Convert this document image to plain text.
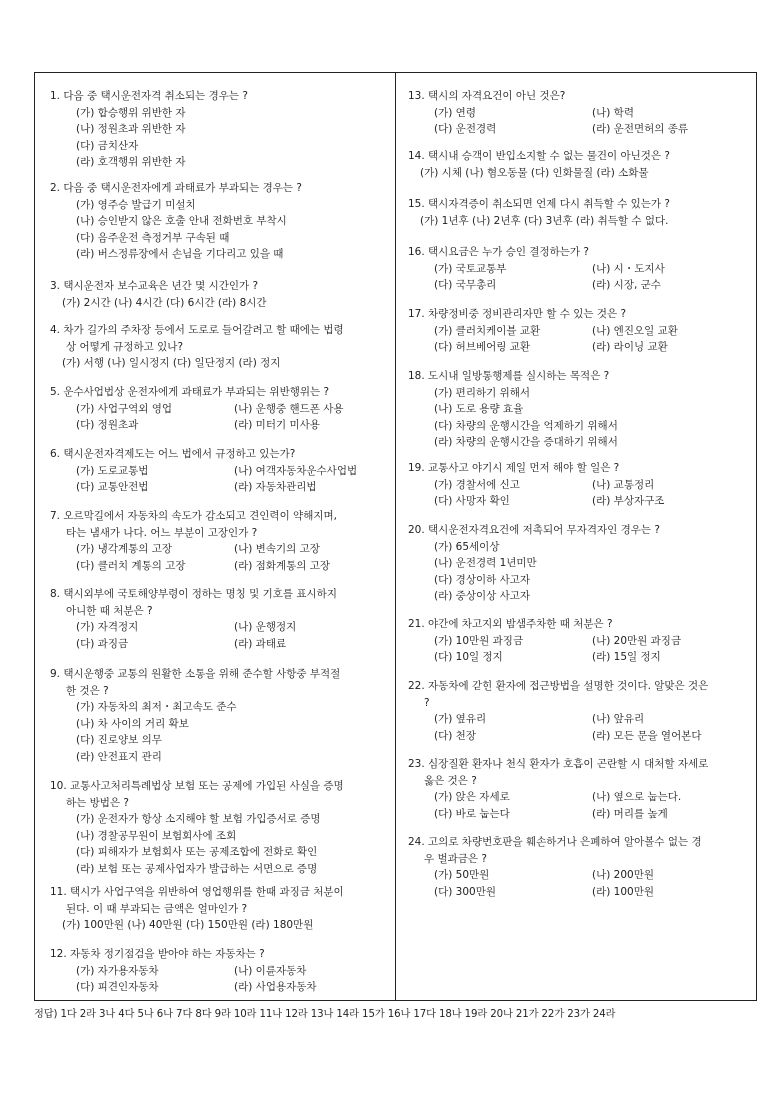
1. 다음 중 택시운전자격 취소되는 경우는 ?
(가) 합승행위 위반한 자
(나) 정원초과 위반한 자
(다) 금치산자
(라) 호객행위 위반한 자
2. 다음 중 택시운전자에게 과태료가 부과되는 경우는 ?
(가) 영주승 발급기 미설치
(나) 승인받지 않은 호출 안내 전화번호 부착시
(다) 음주운전 측정거부 구속된 때
(라) 버스정류장에서 손님을 기다리고 있을 때
3. 택시운전자 보수교육은 년간 몇 시간인가 ?
(가) 2시간 (나) 4시간 (다) 6시간 (라) 8시간
4. 차가 길가의 주차장 등에서 도로로 들어갈려고 할 때에는 법령
상 어떻게 규정하고 있나?
(가) 서행 (나) 일시정지 (다) 일단정지 (라) 정지
5. 운수사업법상 운전자에게 과태료가 부과되는 위반행위는 ?
(가) 사업구역외 영업	(나) 운행중 핸드폰 사용
(다) 정원초과	(라) 미터기 미사용
6. 택시운전자격제도는 어느 법에서 규정하고 있는가?
(가) 도로교통법	(나) 여객자동차운수사업법
(다) 교통안전법	(라) 자동차관리법
7. 오르막길에서 자동차의 속도가 감소되고 견인력이 약해지며,
타는 냄새가 나다. 어느 부분이 고장인가 ?
(가) 냉각계통의 고장	(나) 변속기의 고장
(다) 클러치 계통의 고장	(라) 점화계통의 고장
8. 택시외부에 국토해양부령이 정하는 명칭 및 기호를 표시하지
아니한 때 처분은 ?
(가) 자격정지	(나) 운행정지
(다) 과징금	(라) 과태료
9. 택시운행중 교통의 원활한 소통을 위해 준수할 사항중 부적절
한 것은 ?
(가) 자동차의 최저・최고속도 준수
(나) 차 사이의 거리 확보
(다) 진로양보 의무
(라) 안전표지 관리
10. 교통사고처리특례법상 보험 또는 공제에 가입된 사실을 증명
하는 방법은 ?
(가) 운전자가 항상 소지해야 할 보험 가입증서로 증명
(나) 경찰공무원이 보험회사에 조회
(다) 피해자가 보험회사 또는 공제조합에 전화로 확인
(라) 보험 또는 공제사업자가 발급하는 서면으로 증명
11. 택시가 사업구역을 위반하여 영업행위를 한때 과징금 처분이
된다. 이 때 부과되는 금액은 얼마인가 ?
(가) 100만원 (나) 40만원 (다) 150만원 (라) 180만원
12. 자동차 정기점검을 받아야 하는 자동차는 ?
(가) 자가용자동차	(나) 이륜자동차
(다) 피견인자동차	(라) 사업용자동차
13. 택시의 자격요건이 아닌 것은?
(가) 연령	(나) 학력
(다) 운전경력	(라) 운전면허의 종류
14. 택시내 승객이 반입소지할 수 없는 물건이 아닌것은 ?
(가) 시체 (나) 혐오동물 (다) 인화물질 (라) 소화물
15. 택시자격증이 취소되면 언제 다시 취득할 수 있는가 ?
(가) 1년후 (나) 2년후 (다) 3년후 (라) 취득할 수 없다.
16. 택시요금은 누가 승인 결정하는가 ?
(가) 국토교통부	(나) 시・도지사
(다) 국무총리	(라) 시장, 군수
17. 차량정비중 정비관리자만 할 수 있는 것은 ?
(가) 클러치케이블 교환	(나) 엔진오일 교환
(다) 허브베어링 교환	(라) 라이닝 교환
18. 도시내 일방통행제를 실시하는 목적은 ?
(가) 편리하기 위해서
(나) 도로 용량 효율
(다) 차량의 운행시간을 억제하기 위해서
(라) 차량의 운행시간을 증대하기 위해서
19. 교통사고 야기시 제일 먼저 해야 할 일은 ?
(가) 경찰서에 신고	(나) 교통정리
(다) 사망자 확인	(라) 부상자구조
20. 택시운전자격요건에 저촉되어 무자격자인 경우는 ?
(가) 65세이상
(나) 운전경력 1년미만
(다) 경상이하 사고자
(라) 중상이상 사고자
21. 야간에 차고지외 밤샘주차한 때 처분은 ?
(가) 10만원 과징금	(나) 20만원 과징금
(다) 10일 정지	(라) 15일 정지
22. 자동차에 갇힌 환자에 접근방법을 설명한 것이다. 알맞은 것은
?
(가) 옆유리	(나) 앞유리
(다) 천장	(라) 모든 문을 열어본다
23. 심장질환 환자나 천식 환자가 호흡이 곤란할 시 대처할 자세로
옳은 것은 ?
(가) 앉은 자세로	(나) 옆으로 눕는다.
(다) 바로 눕는다	(라) 머리를 높게
24. 고의로 차량번호판을 훼손하거나 은폐하여 알아볼수 없는 경
우 벌과금은 ?
(가) 50만원	(나) 200만원
(다) 300만원	(라) 100만원
정답) 1다 2라 3나 4다 5나 6나 7다 8다 9라 10라 11나 12라 13나 14라 15가 16나 17다 18나 19라 20나 21가 22가 23가 24라
